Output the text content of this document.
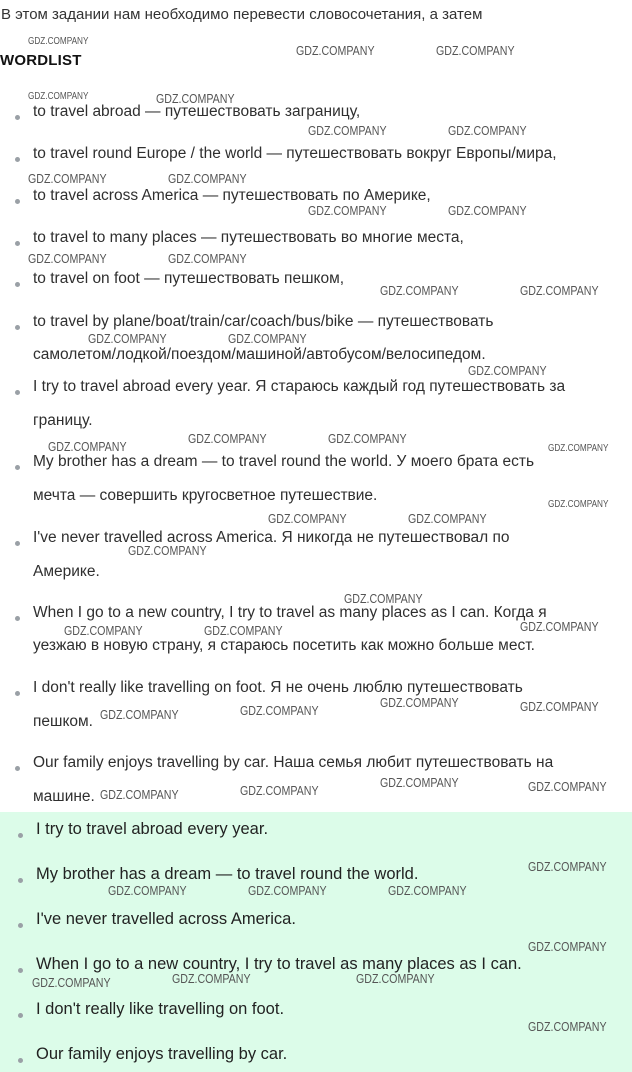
В этом задании нам необходимо перевести словосочетания, а затем
WORDLIST
to travel abroad — путешествовать заграницу,
to travel round Europe / the world — путешествовать вокруг Европы/мира,
to travel across America — путешествовать по Америке,
to travel to many places — путешествовать во многие места,
to travel on foot — путешествовать пешком,
to travel by plane/boat/train/car/coach/bus/bike — путешествовать
самолетом/лодкой/поездом/машиной/автобусом/велосипедом.
I try to travel abroad every year. Я стараюсь каждый год путешествовать за
границу.
My brother has a dream — to travel round the world. У моего брата есть
мечта — совершить кругосветное путешествие.
I've never travelled across America. Я никогда не путешествовал по
Америке.
When I go to a new country, I try to travel as many places as I can. Когда я
уезжаю в новую страну, я стараюсь посетить как можно больше мест.
I don't really like travelling on foot. Я не очень люблю путешествовать
пешком.
Our family enjoys travelling by car. Наша семья любит путешествовать на
машине.
I try to travel abroad every year.
My brother has a dream — to travel round the world.
I've never travelled across America.
When I go to a new country, I try to travel as many places as I can.
I don't really like travelling on foot.
Our family enjoys travelling by car.
GDZ.COMPANY
GDZ.COMPANY	GDZ.COMPANY
GDZ.COMPANY	GDZ.COMPANY
GDZ.COMPANY	GDZ.COMPANY
GDZ.COMPANY	GDZ.COMPANY
GDZ.COMPANY	GDZ.COMPANY
GDZ.COMPANY	GDZ.COMPANY
GDZ.COMPANY	GDZ.COMPANY
GDZ.COMPANY
GDZ.COMPANY	GDZ.COMPANY
GDZ.COMPANY
GDZ.COMPANY	GDZ.COMPANY
GDZ.COMPANY
GDZ.COMPANY
GDZ.COMPANY	GDZ.COMPANY
GDZ.COMPANY
GDZ.COMPANY
GDZ.COMPANY	GDZ.COMPANY	GDZ.COMPANY
GDZ.COMPANY	GDZ.COMPANY
GDZ.COMPANY	GDZ.COMPANY
GDZ.COMPANY	GDZ.COMPANY
GDZ.COMPANY	GDZ.COMPANY
GDZ.COMPANY
GDZ.COMPANY	GDZ.COMPANY	GDZ.COMPANY
GDZ.COMPANY
GDZ.COMPANY	GDZ.COMPANY	GDZ.COMPANY
GDZ.COMPANY
